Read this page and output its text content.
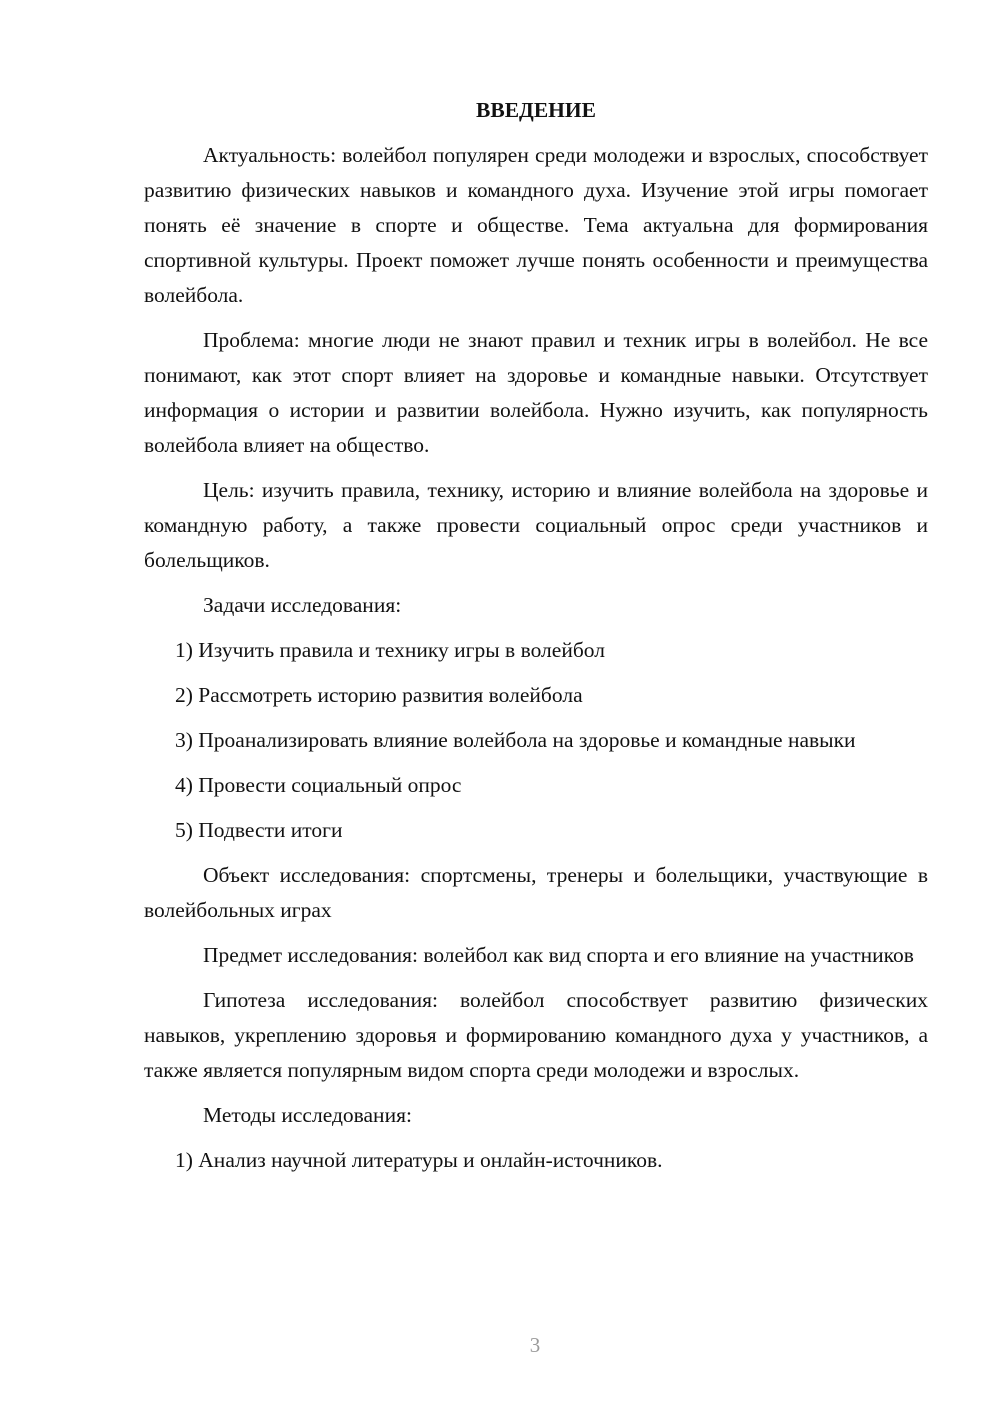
ВВЕДЕНИЕ

Актуальность: волейбол популярен среди молодежи и взрослых, способствует развитию физических навыков и командного духа. Изучение этой игры помогает понять её значение в спорте и обществе. Тема актуальна для формирования спортивной культуры. Проект поможет лучше понять особенности и преимущества волейбола.

Проблема: многие люди не знают правил и техник игры в волейбол. Не все понимают, как этот спорт влияет на здоровье и командные навыки. Отсутствует информация о истории и развитии волейбола. Нужно изучить, как популярность волейбола влияет на общество.

Цель: изучить правила, технику, историю и влияние волейбола на здоровье и командную работу, а также провести социальный опрос среди участников и болельщиков.

Задачи исследования:

1) Изучить правила и технику игры в волейбол

2) Рассмотреть историю развития волейбола

3) Проанализировать влияние волейбола на здоровье и командные навыки

4) Провести социальный опрос

5) Подвести итоги

Объект исследования: спортсмены, тренеры и болельщики, участвующие в волейбольных играх

Предмет исследования: волейбол как вид спорта и его влияние на участников

Гипотеза исследования: волейбол способствует развитию физических навыков, укреплению здоровья и формированию командного духа у участников, а также является популярным видом спорта среди молодежи и взрослых.

Методы исследования:

1) Анализ научной литературы и онлайн-источников.

3
